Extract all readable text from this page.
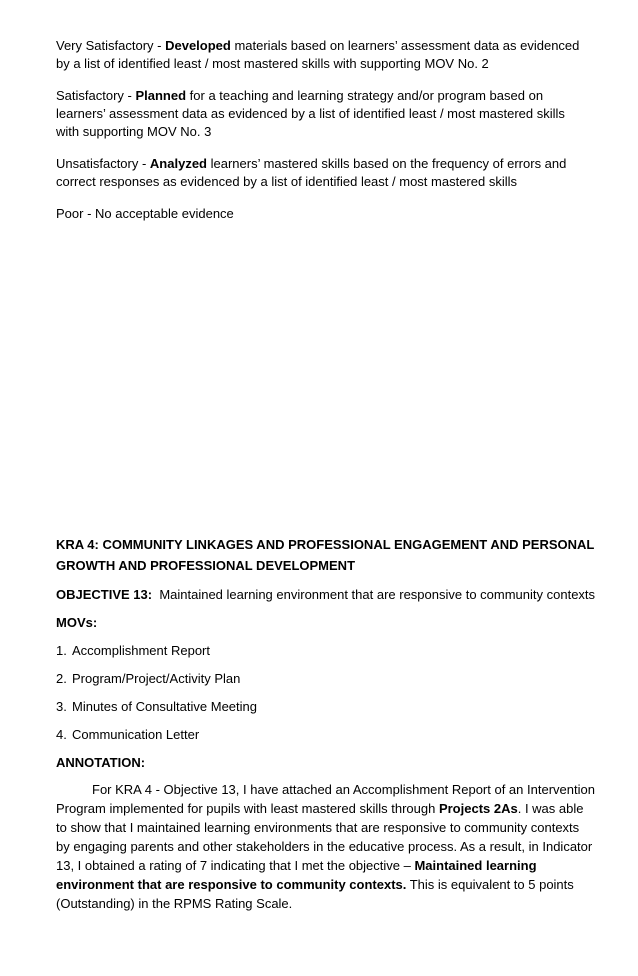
Very Satisfactory - Developed materials based on learners’ assessment data as evidenced by a list of identified least / most mastered skills with supporting MOV No. 2

Satisfactory - Planned for a teaching and learning strategy and/or program based on learners’ assessment data as evidenced by a list of identified least / most mastered skills with supporting MOV No. 3

Unsatisfactory - Analyzed learners’ mastered skills based on the frequency of errors and correct responses as evidenced by a list of identified least / most mastered skills

Poor - No acceptable evidence

KRA 4: COMMUNITY LINKAGES AND PROFESSIONAL ENGAGEMENT AND PERSONAL
GROWTH AND PROFESSIONAL DEVELOPMENT

OBJECTIVE 13:  Maintained learning environment that are responsive to community contexts

MOVs:

1. Accomplishment Report

2. Program/Project/Activity Plan

3. Minutes of Consultative Meeting

4. Communication Letter

ANNOTATION:

For KRA 4 - Objective 13, I have attached an Accomplishment Report of an Intervention Program implemented for pupils with least mastered skills through Projects 2As. I was able to show that I maintained learning environments that are responsive to community contexts by engaging parents and other stakeholders in the educative process. As a result, in Indicator 13, I obtained a rating of 7 indicating that I met the objective – Maintained learning environment that are responsive to community contexts. This is equivalent to 5 points (Outstanding) in the RPMS Rating Scale.
